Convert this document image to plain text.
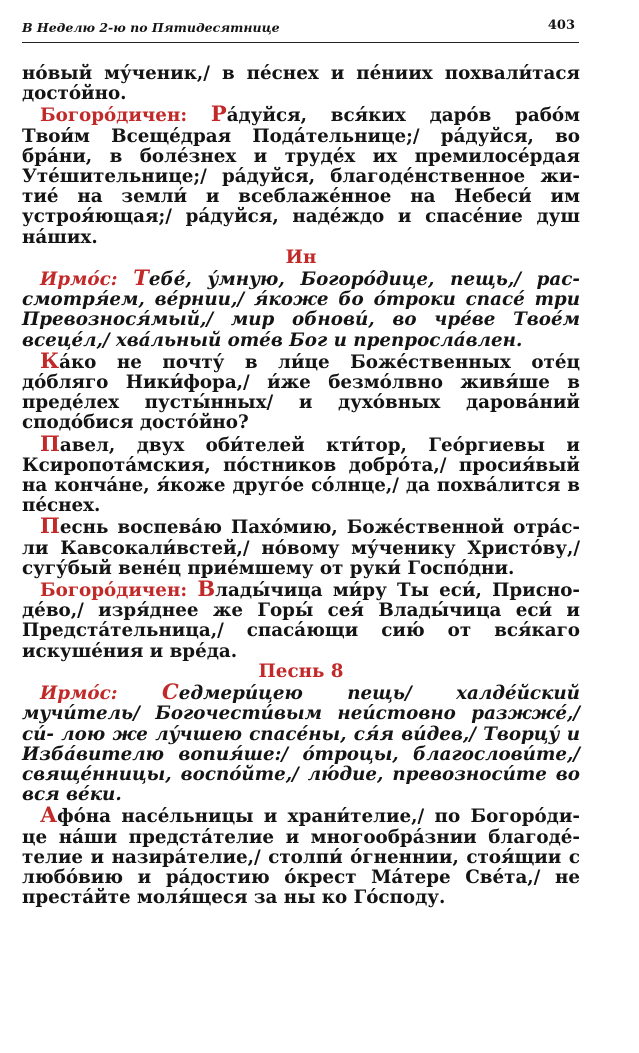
В Неделю 2-ю по Пятидесятнице	403

но́вый му́ченик,/ в пе́снех и пе́ниих похвали́тася досто́йно.

Богоро́дичен: Ра́дуйся, вся́ких даро́в рабо́м Твои́м Всеще́драя Пода́тельнице;/ ра́дуйся, во бра́ни, в боле́знех и труде́х их премилосе́рдая Уте́шительнице;/ ра́дуйся, благоде́нственное жи- тие́ на земли́ и всеблаже́нное на Небеси́ им устроя́ющая;/ ра́дуйся, наде́ждо и спасе́ние душ на́ших.

Ин

Ирмо́с: Тебе́, у́мную, Богоро́дице, пещь,/ рас- смотря́ем, ве́рнии,/ я́коже бо о́троки спасе́ три Превознося́мый,/ мир обнови́, во чре́ве Твое́м всеце́л,/ хва́льный оте́в Бог и препросла́влен.

Ка́ко не почту́ в ли́це Боже́ственных оте́ц до́бляго Ники́фора,/ и́же безмо́лвно живя́ше в преде́лех пусты́нных/ и духо́вных дарова́ний сподо́бися досто́йно?

Павел, двух оби́телей кти́тор, Гео́ргиевы и Ксиропота́мския, по́стников добро́та,/ просия́вый на конча́не, я́коже друго́е со́лнце,/ да похва́лится в пе́снех.

Песнь воспева́ю Пахо́мию, Боже́ственной отра́с- ли Кавсокали́встей,/ но́вому му́ченику Христо́ву,/ сугу́бый вене́ц прие́мшему от руки́ Госпо́дни.

Богоро́дичен: Влады́чица ми́ру Ты еси́, Присно- де́во,/ изря́днее же Горы́ сея́ Влады́чица еси́ и Предста́тельница,/ спаса́ющи сию́ от вся́каго искуше́ния и вре́да.

Песнь 8

Ирмо́с: Седмери́цею пещь/ халде́йский мучи́тель/ Богочести́вым неи́стовно разжже́,/ си́- лою же лу́чшею спасе́ны, ся́я ви́дев,/ Творцу́ и Изба́вителю вопия́ше:/ о́троцы, благослови́те,/ свяще́нницы, воспо́йте,/ лю́дие, превозноси́те во вся ве́ки.

Афо́на насе́льницы и храни́телие,/ по Богоро́ди- це на́ши предста́телие и многообра́знии благоде́- телие и назира́телие,/ столпи́ о́гненнии, стоя́щии с любо́вию и ра́достию о́крест Ма́тере Све́та,/ не преста́йте моля́щеся за ны ко Го́споду.
